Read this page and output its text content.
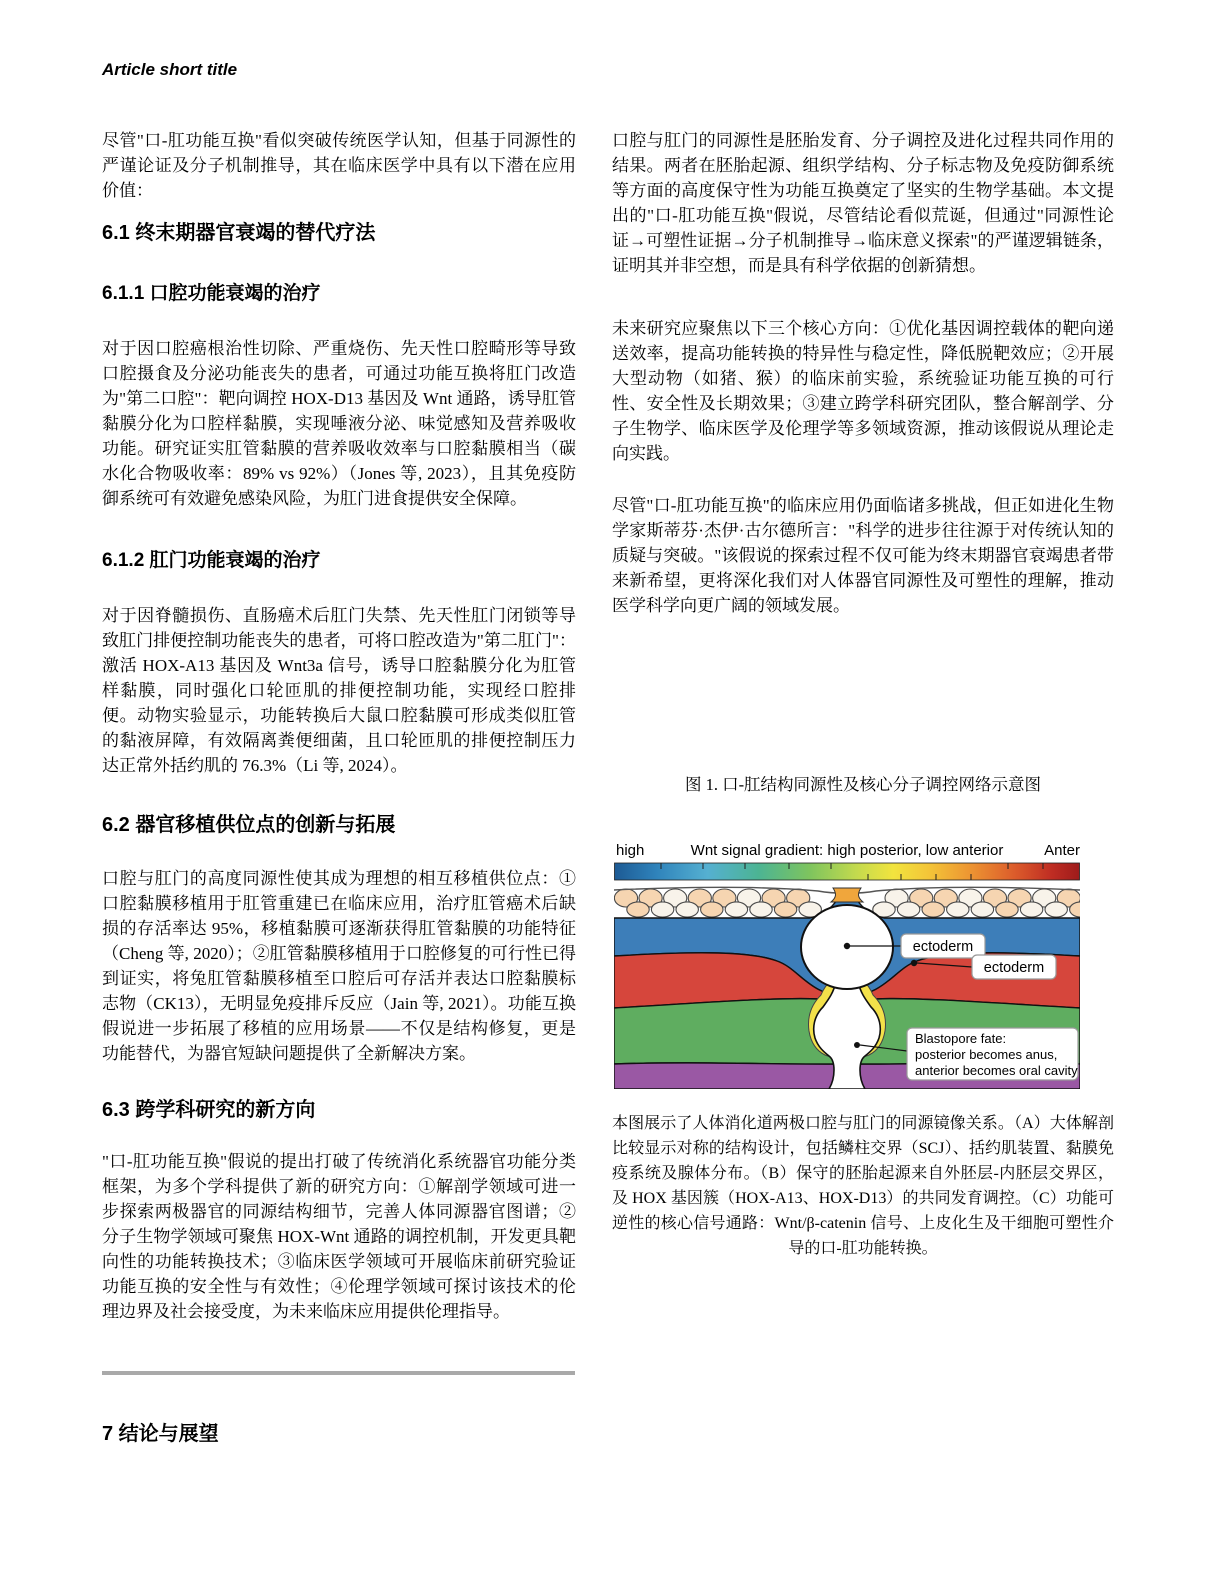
Article short title
尽管"口-肛功能互换"看似突破传统医学认知，但基于同源性的严谨论证及分子机制推导，其在临床医学中具有以下潜在应用价值：
6.1 终末期器官衰竭的替代疗法
6.1.1 口腔功能衰竭的治疗
对于因口腔癌根治性切除、严重烧伤、先天性口腔畸形等导致口腔摄食及分泌功能丧失的患者，可通过功能互换将肛门改造为"第二口腔"：靶向调控 HOX-D13 基因及 Wnt 通路，诱导肛管黏膜分化为口腔样黏膜，实现唾液分泌、味觉感知及营养吸收功能。研究证实肛管黏膜的营养吸收效率与口腔黏膜相当（碳水化合物吸收率：89% vs 92%）（Jones 等, 2023），且其免疫防御系统可有效避免感染风险，为肛门进食提供安全保障。
6.1.2 肛门功能衰竭的治疗
对于因脊髓损伤、直肠癌术后肛门失禁、先天性肛门闭锁等导致肛门排便控制功能丧失的患者，可将口腔改造为"第二肛门"：激活 HOX-A13 基因及 Wnt3a 信号，诱导口腔黏膜分化为肛管样黏膜，同时强化口轮匝肌的排便控制功能，实现经口腔排便。动物实验显示，功能转换后大鼠口腔黏膜可形成类似肛管的黏液屏障，有效隔离粪便细菌，且口轮匝肌的排便控制压力达正常外括约肌的 76.3%（Li 等, 2024）。
6.2 器官移植供位点的创新与拓展
口腔与肛门的高度同源性使其成为理想的相互移植供位点：①口腔黏膜移植用于肛管重建已在临床应用，治疗肛管癌术后缺损的存活率达 95%，移植黏膜可逐渐获得肛管黏膜的功能特征（Cheng 等, 2020）；②肛管黏膜移植用于口腔修复的可行性已得到证实，将兔肛管黏膜移植至口腔后可存活并表达口腔黏膜标志物（CK13），无明显免疫排斥反应（Jain 等, 2021）。功能互换假说进一步拓展了移植的应用场景——不仅是结构修复，更是功能替代，为器官短缺问题提供了全新解决方案。
6.3 跨学科研究的新方向
"口-肛功能互换"假说的提出打破了传统消化系统器官功能分类框架，为多个学科提供了新的研究方向：①解剖学领域可进一步探索两极器官的同源结构细节，完善人体同源器官图谱；②分子生物学领域可聚焦 HOX-Wnt 通路的调控机制，开发更具靶向性的功能转换技术；③临床医学领域可开展临床前研究验证功能互换的安全性与有效性；④伦理学领域可探讨该技术的伦理边界及社会接受度，为未来临床应用提供伦理指导。
7 结论与展望
口腔与肛门的同源性是胚胎发育、分子调控及进化过程共同作用的结果。两者在胚胎起源、组织学结构、分子标志物及免疫防御系统等方面的高度保守性为功能互换奠定了坚实的生物学基础。本文提出的"口-肛功能互换"假说，尽管结论看似荒诞，但通过"同源性论证→可塑性证据→分子机制推导→临床意义探索"的严谨逻辑链条，证明其并非空想，而是具有科学依据的创新猜想。
未来研究应聚焦以下三个核心方向：①优化基因调控载体的靶向递送效率，提高功能转换的特异性与稳定性，降低脱靶效应；②开展大型动物（如猪、猴）的临床前实验，系统验证功能互换的可行性、安全性及长期效果；③建立跨学科研究团队，整合解剖学、分子生物学、临床医学及伦理学等多领域资源，推动该假说从理论走向实践。
尽管"口-肛功能互换"的临床应用仍面临诸多挑战，但正如进化生物学家斯蒂芬·杰伊·古尔德所言："科学的进步往往源于对传统认知的质疑与突破。"该假说的探索过程不仅可能为终末期器官衰竭患者带来新希望，更将深化我们对人体器官同源性及可塑性的理解，推动医学科学向更广阔的领域发展。
图 1. 口-肛结构同源性及核心分子调控网络示意图
high	Wnt signal gradient: high posterior, low anterior	Anter
ectoderm
ectoderm
Blastopore fate:
posterior becomes anus,
anterior becomes oral cavity
本图展示了人体消化道两极口腔与肛门的同源镜像关系。（A）大体解剖比较显示对称的结构设计，包括鳞柱交界（SCJ）、括约肌装置、黏膜免疫系统及腺体分布。（B）保守的胚胎起源来自外胚层-内胚层交界区，及 HOX 基因簇（HOX-A13、HOX-D13）的共同发育调控。（C）功能可逆性的核心信号通路：Wnt/β-catenin 信号、上皮化生及干细胞可塑性介导的口-肛功能转换。
